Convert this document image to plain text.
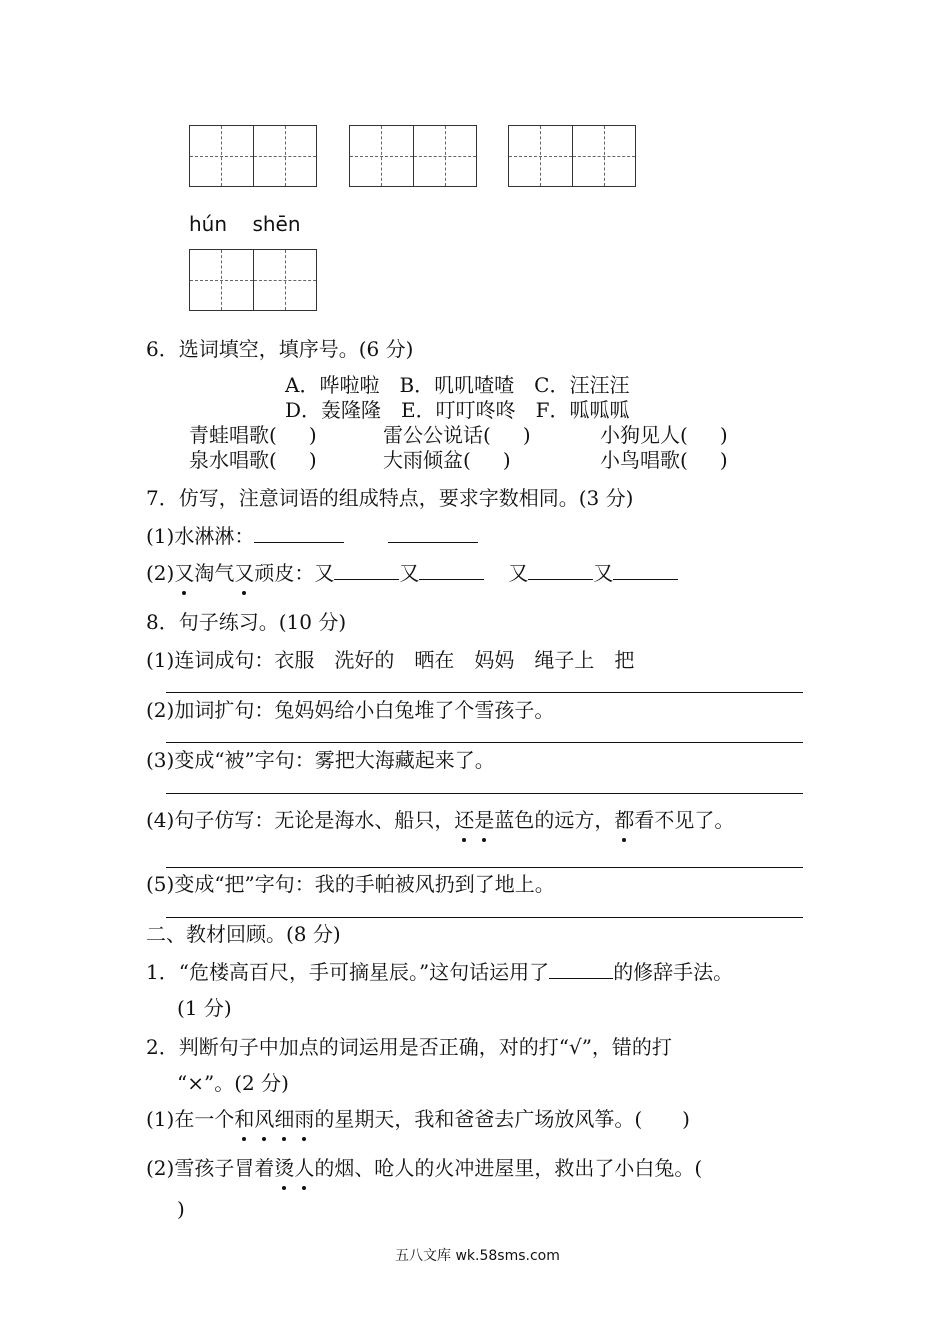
hún    shēn
6．选词填空，填序号。(6 分)
A．哗啦啦　B．叽叽喳喳　C．汪汪汪
D．轰隆隆　E．叮叮咚咚　F．呱呱呱
青蛙唱歌( )	雷公公说话( )	小狗见人( )
泉水唱歌( )	大雨倾盆( )	小鸟唱歌( )
7．仿写，注意词语的组成特点，要求字数相同。(3 分)
(1)水淋淋：
(2)又淘气又顽皮：又	又	又	又
8．句子练习。(10 分)
(1)连词成句：衣服　洗好的　晒在　妈妈　绳子上　把
(2)加词扩句：兔妈妈给小白兔堆了个雪孩子。
(3)变成“被”字句：雾把大海藏起来了。
(4)句子仿写：无论是海水、船只，还是蓝色的远方，都看不见了。
(5)变成“把”字句：我的手帕被风扔到了地上。
二、教材回顾。(8 分)
1．“危楼高百尺，手可摘星辰。”这句话运用了	的修辞手法。
(1 分)
2．判断句子中加点的词运用是否正确，对的打“√”，错的打
“×”。(2 分)
(1)在一个和风细雨的星期天，我和爸爸去广场放风筝。( )
(2)雪孩子冒着烫人的烟、呛人的火冲进屋里，救出了小白兔。(
)
五八文库 wk.58sms.com
